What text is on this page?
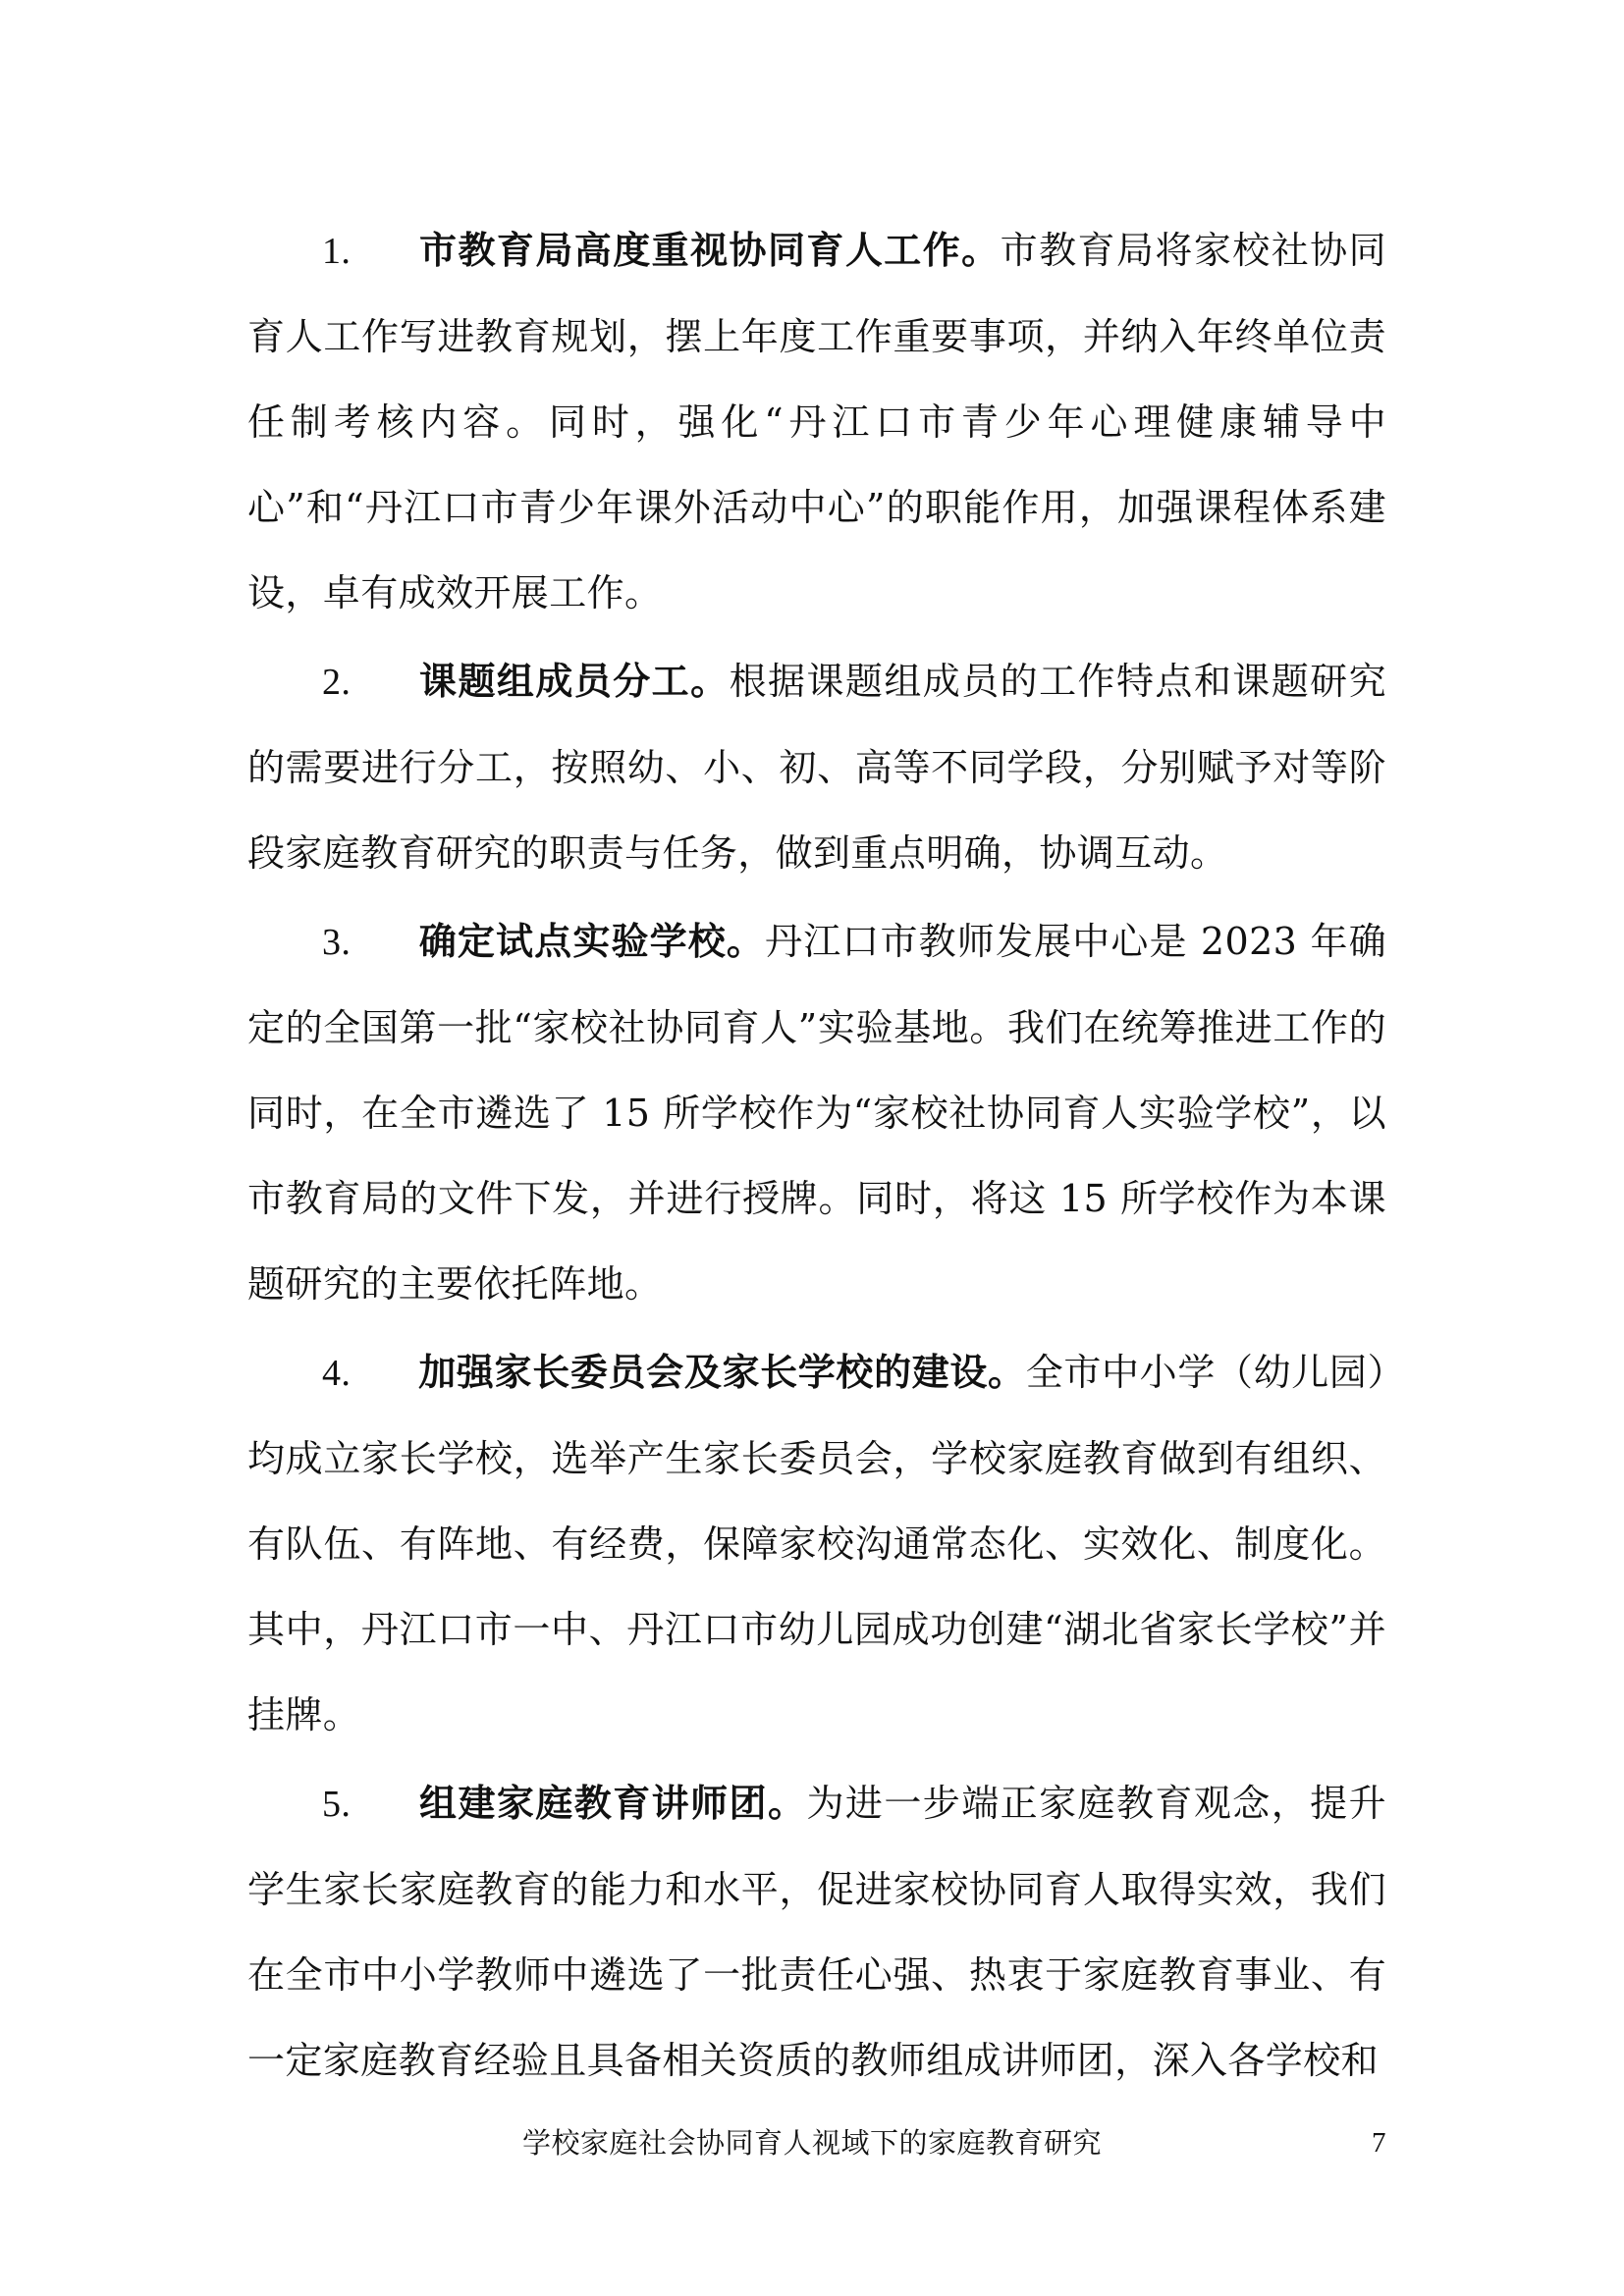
1. 市教育局高度重视协同育人工作。市教育局将家校社协同育人工作写进教育规划，摆上年度工作重要事项，并纳入年终单位责任制考核内容。同时，强化“丹江口市青少年心理健康辅导中心”和“丹江口市青少年课外活动中心”的职能作用，加强课程体系建设，卓有成效开展工作。

2. 课题组成员分工。根据课题组成员的工作特点和课题研究的需要进行分工，按照幼、小、初、高等不同学段，分别赋予对等阶段家庭教育研究的职责与任务，做到重点明确，协调互动。

3. 确定试点实验学校。丹江口市教师发展中心是 2023 年确定的全国第一批“家校社协同育人”实验基地。我们在统筹推进工作的同时，在全市遴选了 15 所学校作为“家校社协同育人实验学校”，以市教育局的文件下发，并进行授牌。同时，将这 15 所学校作为本课题研究的主要依托阵地。

4. 加强家长委员会及家长学校的建设。全市中小学（幼儿园）均成立家长学校，选举产生家长委员会，学校家庭教育做到有组织、有队伍、有阵地、有经费，保障家校沟通常态化、实效化、制度化。其中，丹江口市一中、丹江口市幼儿园成功创建“湖北省家长学校”并挂牌。

5. 组建家庭教育讲师团。为进一步端正家庭教育观念，提升学生家长家庭教育的能力和水平，促进家校协同育人取得实效，我们在全市中小学教师中遴选了一批责任心强、热衷于家庭教育事业、有一定家庭教育经验且具备相关资质的教师组成讲师团，深入各学校和

学校家庭社会协同育人视域下的家庭教育研究	7
